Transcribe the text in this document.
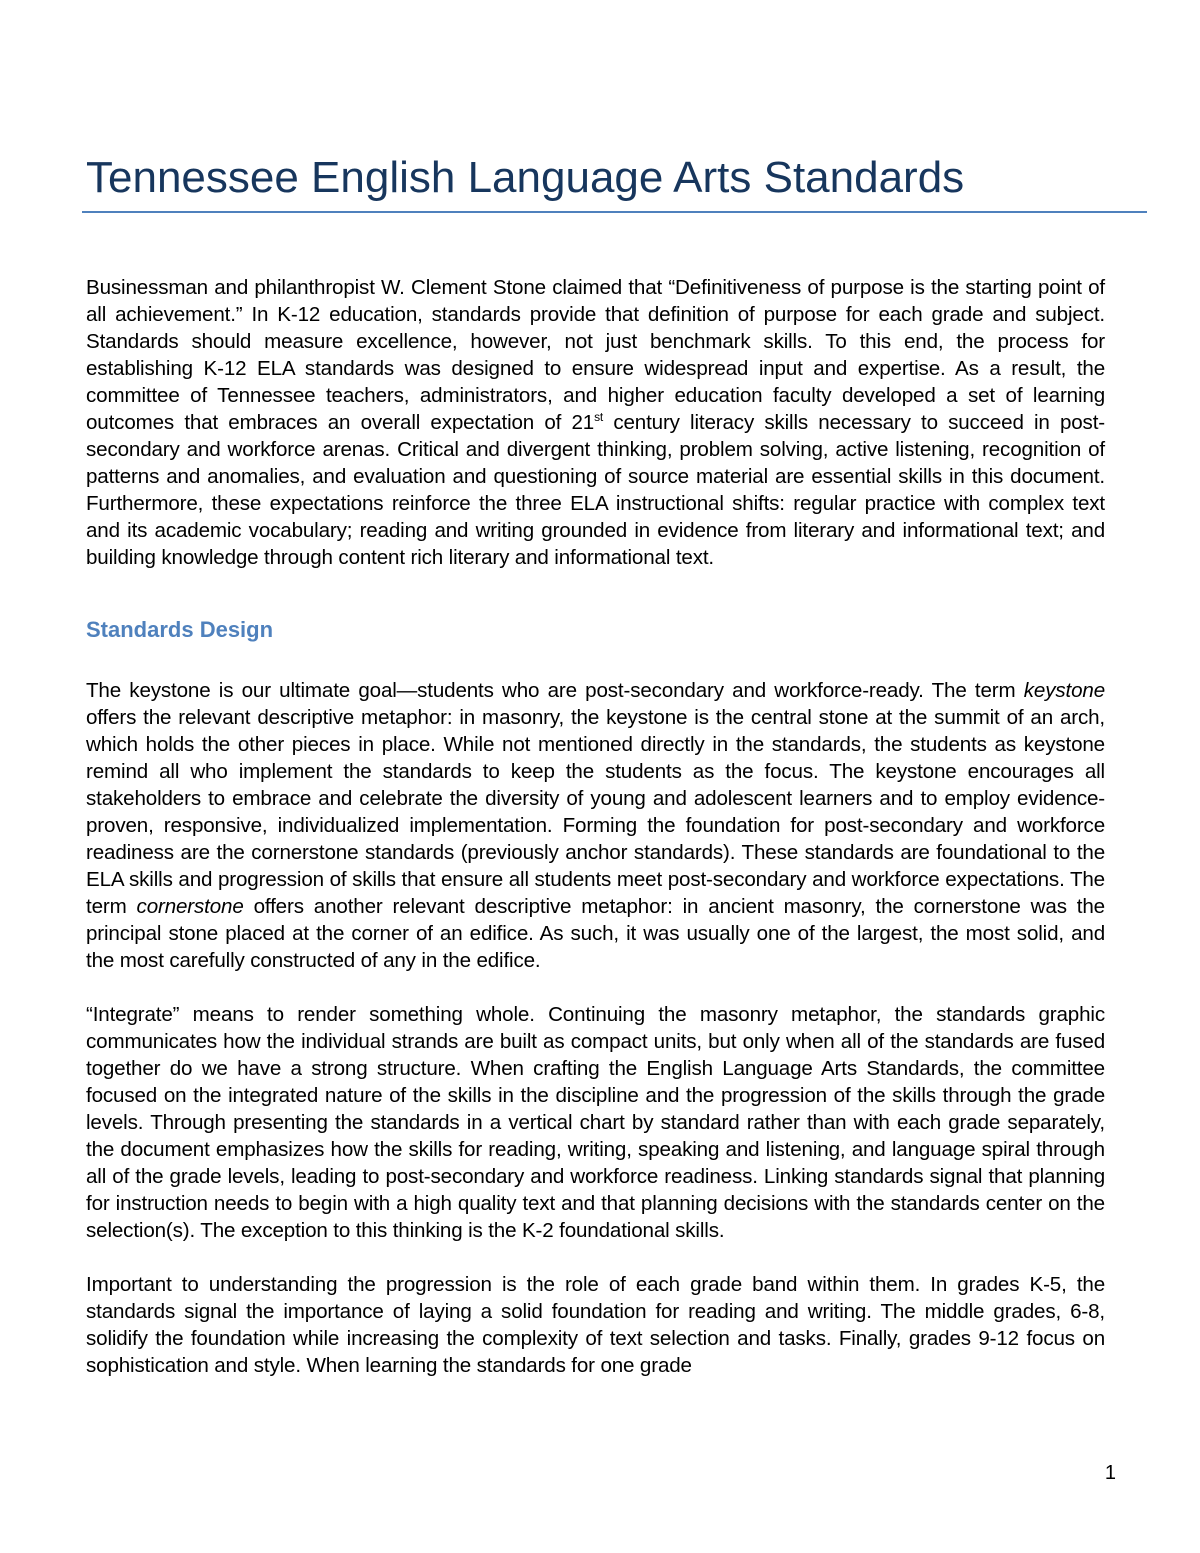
Tennessee English Language Arts Standards

Businessman and philanthropist W. Clement Stone claimed that “Definitiveness of purpose is the starting point of all achievement.” In K-12 education, standards provide that definition of purpose for each grade and subject. Standards should measure excellence, however, not just benchmark skills. To this end, the process for establishing K-12 ELA standards was designed to ensure widespread input and expertise. As a result, the committee of Tennessee teachers, administrators, and higher education faculty developed a set of learning outcomes that embraces an overall expectation of 21st century literacy skills necessary to succeed in post-secondary and workforce arenas. Critical and divergent thinking, problem solving, active listening, recognition of patterns and anomalies, and evaluation and questioning of source material are essential skills in this document. Furthermore, these expectations reinforce the three ELA instructional shifts: regular practice with complex text and its academic vocabulary; reading and writing grounded in evidence from literary and informational text; and building knowledge through content rich literary and informational text.

Standards Design

The keystone is our ultimate goal—students who are post-secondary and workforce-ready. The term keystone offers the relevant descriptive metaphor: in masonry, the keystone is the central stone at the summit of an arch, which holds the other pieces in place. While not mentioned directly in the standards, the students as keystone remind all who implement the standards to keep the students as the focus. The keystone encourages all stakeholders to embrace and celebrate the diversity of young and adolescent learners and to employ evidence-proven, responsive, individualized implementation. Forming the foundation for post-secondary and workforce readiness are the cornerstone standards (previously anchor standards). These standards are foundational to the ELA skills and progression of skills that ensure all students meet post-secondary and workforce expectations. The term cornerstone offers another relevant descriptive metaphor: in ancient masonry, the cornerstone was the principal stone placed at the corner of an edifice. As such, it was usually one of the largest, the most solid, and the most carefully constructed of any in the edifice.

“Integrate” means to render something whole. Continuing the masonry metaphor, the standards graphic communicates how the individual strands are built as compact units, but only when all of the standards are fused together do we have a strong structure. When crafting the English Language Arts Standards, the committee focused on the integrated nature of the skills in the discipline and the progression of the skills through the grade levels. Through presenting the standards in a vertical chart by standard rather than with each grade separately, the document emphasizes how the skills for reading, writing, speaking and listening, and language spiral through all of the grade levels, leading to post-secondary and workforce readiness. Linking standards signal that planning for instruction needs to begin with a high quality text and that planning decisions with the standards center on the selection(s). The exception to this thinking is the K-2 foundational skills.

Important to understanding the progression is the role of each grade band within them. In grades K-5, the standards signal the importance of laying a solid foundation for reading and writing. The middle grades, 6-8, solidify the foundation while increasing the complexity of text selection and tasks. Finally, grades 9-12 focus on sophistication and style. When learning the standards for one grade

1
